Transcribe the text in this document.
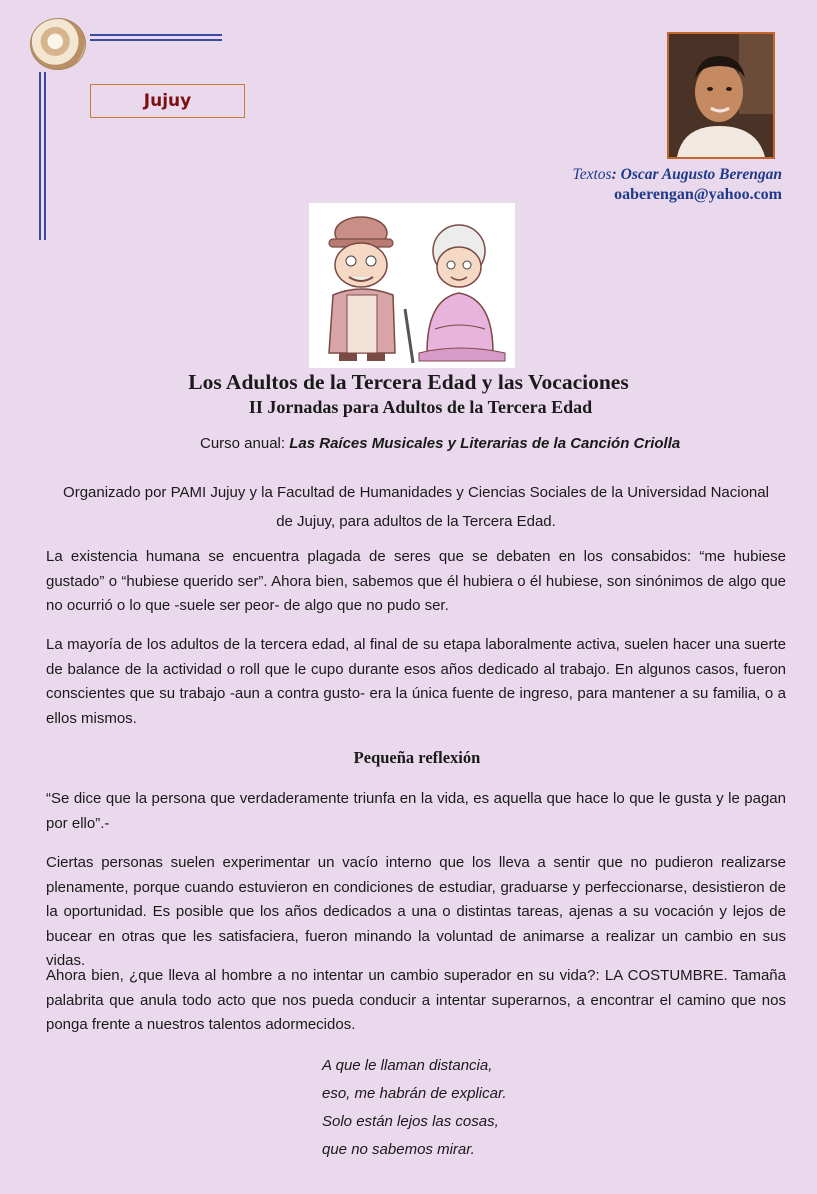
Jujuy
Textos: Oscar Augusto Berengan
oaberengan@yahoo.com
Los Adultos de la Tercera Edad y las Vocaciones
II Jornadas para Adultos de la Tercera Edad
Curso anual: Las Raíces Musicales y Literarias de la Canción Criolla
Organizado por PAMI Jujuy y la Facultad de Humanidades y Ciencias Sociales de la Universidad Nacional
de Jujuy, para adultos de la Tercera Edad.
La existencia humana se encuentra plagada de seres que se debaten en los consabidos: “me hubiese gustado” o “hubiese querido ser”. Ahora bien, sabemos que él hubiera o él hubiese, son sinónimos de algo que no ocurrió o lo que -suele ser peor- de algo que no pudo ser.
La mayoría de los adultos de la tercera edad, al final de su etapa laboralmente activa, suelen hacer una suerte de balance de la actividad o roll que le cupo durante esos años dedicado al trabajo. En algunos casos, fueron conscientes que su trabajo -aun a contra gusto- era la única fuente de ingreso, para mantener a su familia, o a ellos mismos.
Pequeña reflexión
“Se dice que la persona que verdaderamente triunfa en la vida, es aquella que hace lo que le gusta y le pagan por ello”.-
Ciertas personas suelen experimentar un vacío interno que los lleva a sentir que no pudieron realizarse plenamente, porque cuando estuvieron en condiciones de estudiar, graduarse y perfeccionarse, desistieron de la oportunidad. Es posible que los años dedicados a una o distintas tareas, ajenas a su vocación y lejos de bucear en otras que les satisfaciera, fueron minando la voluntad de animarse a realizar un cambio en sus vidas.
Ahora bien, ¿que lleva al hombre a no intentar un cambio superador en su vida?: LA COSTUMBRE. Tamaña palabrita que anula todo acto que nos pueda conducir a intentar superarnos, a encontrar el camino que nos ponga frente a nuestros talentos adormecidos.
A que le llaman distancia,
eso, me habrán de explicar.
Solo están lejos las cosas,
que no sabemos mirar.
